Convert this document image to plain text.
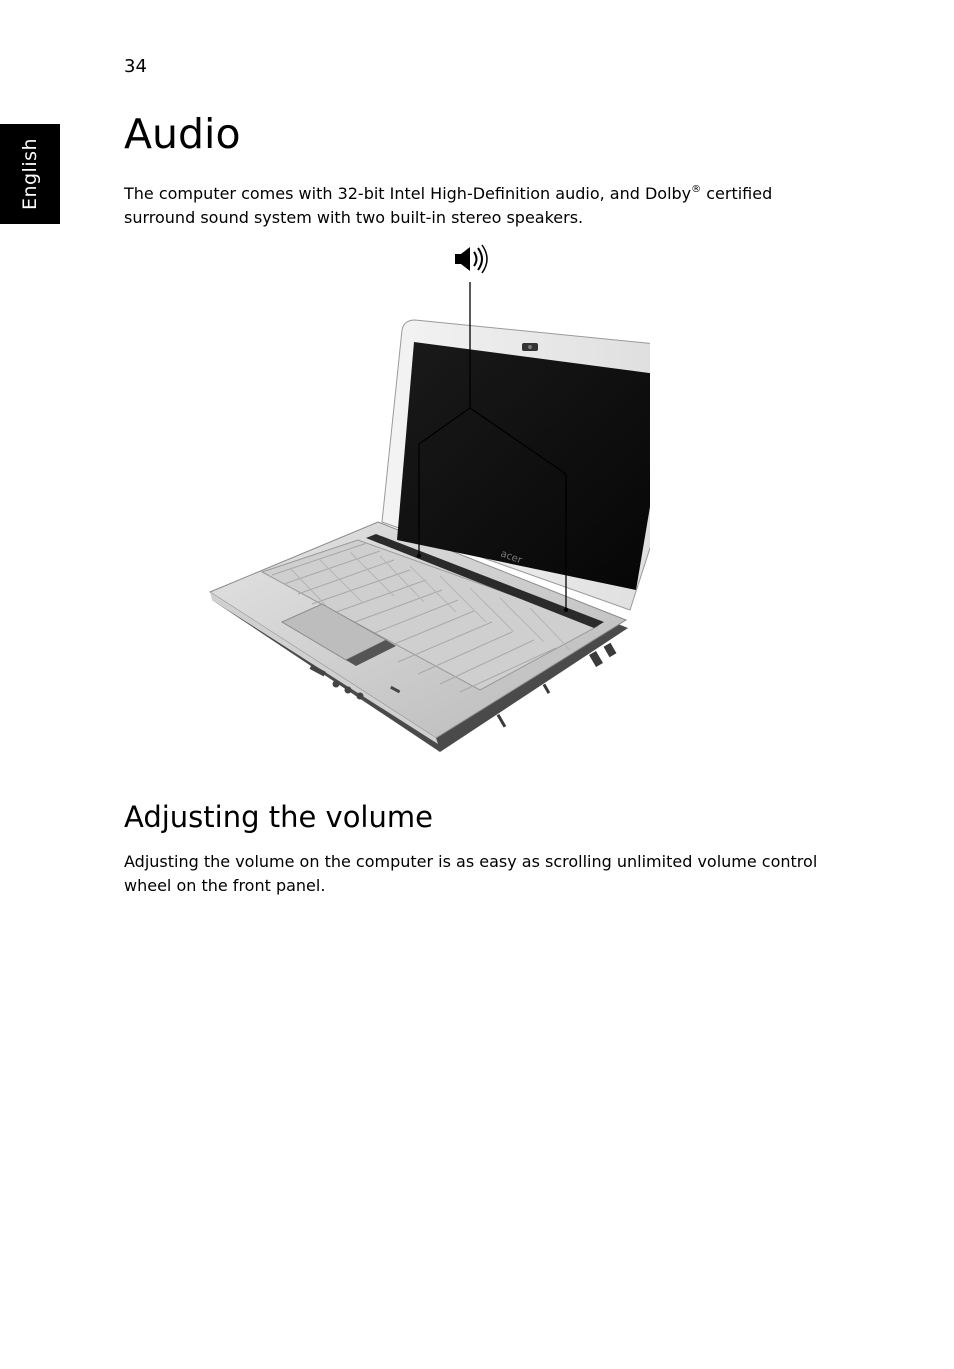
34
English
Audio

The computer comes with 32-bit Intel High-Definition audio, and Dolby® certified surround sound system with two built-in stereo speakers.

acer
Adjusting the volume

Adjusting the volume on the computer is as easy as scrolling unlimited volume control wheel on the front panel.
